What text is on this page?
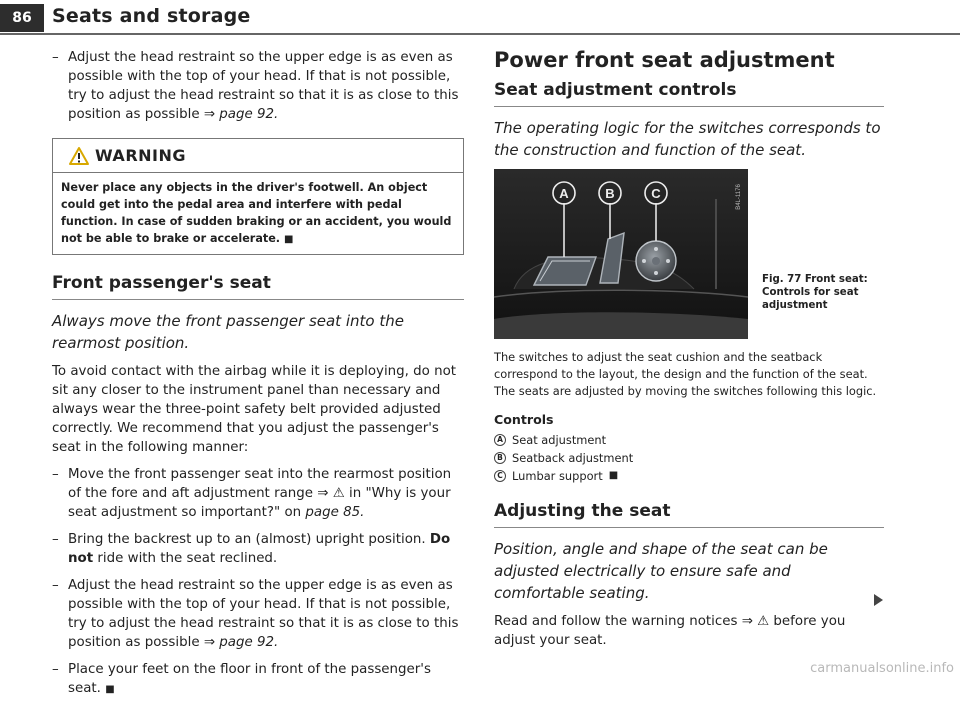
86	Seats and storage
– Adjust the head restraint so the upper edge is as even as possible with the top of your head. If that is not possible, try to adjust the head restraint so that it is as close to this position as possible ⇒ page 92.
WARNING
Never place any objects in the driver's footwell. An object could get into the pedal area and interfere with pedal function. In case of sudden braking or an accident, you would not be able to brake or accelerate. ■
Front passenger's seat
Always move the front passenger seat into the rearmost position.
To avoid contact with the airbag while it is deploying, do not sit any closer to the instrument panel than necessary and always wear the three-point safety belt provided adjusted correctly. We recommend that you adjust the passenger's seat in the following manner:
– Move the front passenger seat into the rearmost position of the fore and aft adjustment range ⇒ ⚠ in "Why is your seat adjustment so important?" on page 85.
– Bring the backrest up to an (almost) upright position. Do not ride with the seat reclined.
– Adjust the head restraint so the upper edge is as even as possible with the top of your head. If that is not possible, try to adjust the head restraint so that it is as close to this position as possible ⇒ page 92.
– Place your feet on the floor in front of the passenger's seat. ■
Power front seat adjustment
Seat adjustment controls
The operating logic for the switches corresponds to the construction and function of the seat.
A	B	C	B4L-1176
Fig. 77 Front seat: Controls for seat adjustment
The switches to adjust the seat cushion and the seatback correspond to the layout, the design and the function of the seat. The seats are adjusted by moving the switches following this logic.
Controls
A Seat adjustment
B Seatback adjustment
C Lumbar support ■
Adjusting the seat
Position, angle and shape of the seat can be adjusted electrically to ensure safe and comfortable seating.
Read and follow the warning notices ⇒ ⚠ before you adjust your seat.
carmanualsonline.info
